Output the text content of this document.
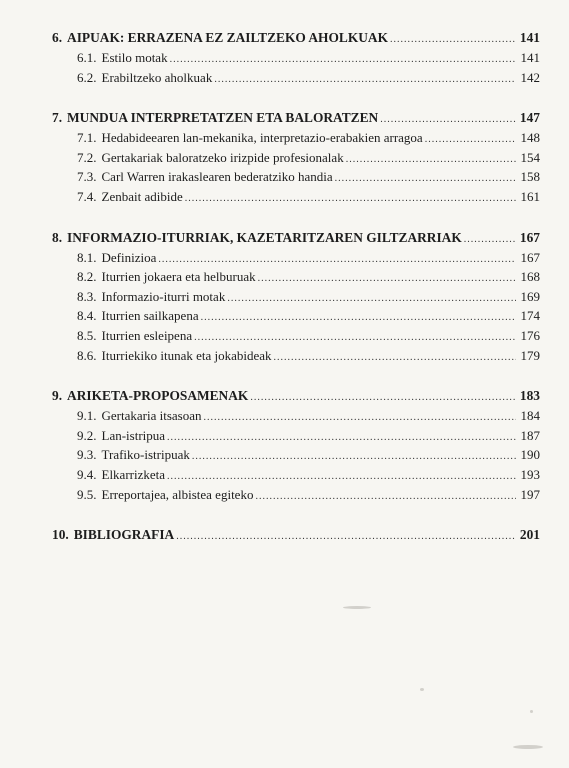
6. AIPUAK: ERRAZENA EZ ZAILTZEKO AHOLKUAK .....	141
6.1. Estilo motak .....	141
6.2. Erabiltzeko aholkuak .....	142
7. MUNDUA INTERPRETATZEN ETA BALORATZEN .....	147
7.1. Hedabideearen lan-mekanika, interpretazio-erabakien arragoa .....	148
7.2. Gertakariak baloratzeko irizpide profesionalak .....	154
7.3. Carl Warren irakaslearen bederatziko handia .....	158
7.4. Zenbait adibide .....	161
8. INFORMAZIO-ITURRIAK, KAZETARITZAREN GILTZARRIAK .....	167
8.1. Definizioa .....	167
8.2. Iturrien jokaera eta helburuak .....	168
8.3. Informazio-iturri motak .....	169
8.4. Iturrien sailkapena .....	174
8.5. Iturrien esleipena .....	176
8.6. Iturriekiko itunak eta jokabideak .....	179
9. ARIKETA-PROPOSAMENAK .....	183
9.1. Gertakaria itsasoan .....	184
9.2. Lan-istripua .....	187
9.3. Trafiko-istripuak .....	190
9.4. Elkarrizketa .....	193
9.5. Erreportajea, albistea egiteko .....	197
10. BIBLIOGRAFIA .....	201
